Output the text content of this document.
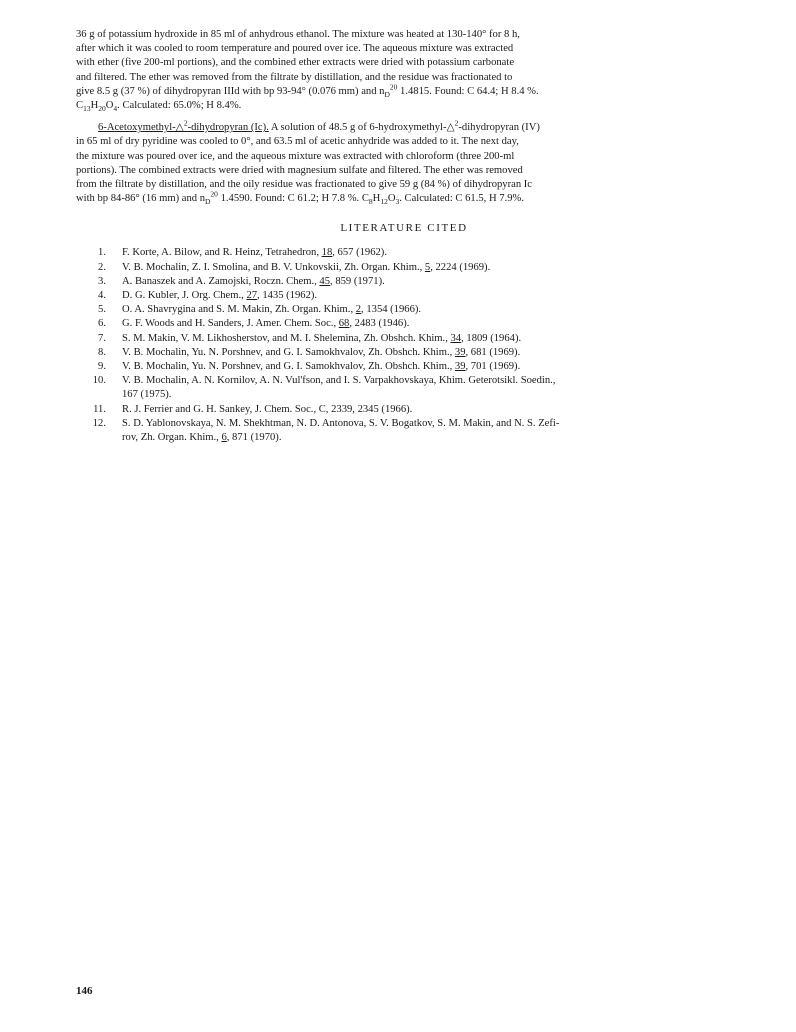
36 g of potassium hydroxide in 85 ml of anhydrous ethanol. The mixture was heated at 130-140° for 8 h,
after which it was cooled to room temperature and poured over ice. The aqueous mixture was extracted
with ether (five 200-ml portions), and the combined ether extracts were dried with potassium carbonate
and filtered. The ether was removed from the filtrate by distillation, and the residue was fractionated to
give 8.5 g (37 %) of dihydropyran IIId with bp 93-94° (0.076 mm) and $n_D^{20}$ 1.4815. Found: C 64.4; H 8.4 %.
$C_{13}H_{20}O_4$. Calculated: 65.0%; H 8.4%.

6-Acetoxymethyl-△$^2$-dihydropyran (Ic). A solution of 48.5 g of 6-hydroxymethyl-△$^2$-dihydropyran (IV)
in 65 ml of dry pyridine was cooled to 0°, and 63.5 ml of acetic anhydride was added to it. The next day,
the mixture was poured over ice, and the aqueous mixture was extracted with chloroform (three 200-ml
portions). The combined extracts were dried with magnesium sulfate and filtered. The ether was removed
from the filtrate by distillation, and the oily residue was fractionated to give 59 g (84 %) of dihydropyran Ic
with bp 84-86° (16 mm) and $n_D^{20}$ 1.4590. Found: C 61.2; H 7.8 %. $C_8H_{12}O_3$. Calculated: C 61.5, H 7.9%.

LITERATURE CITED
1.	F. Korte, A. Bilow, and R. Heinz, Tetrahedron, 18, 657 (1962).
2.	V. B. Mochalin, Z. I. Smolina, and B. V. Unkovskii, Zh. Organ. Khim., 5, 2224 (1969).
3.	A. Banaszek and A. Zamojski, Roczn. Chem., 45, 859 (1971).
4.	D. G. Kubler, J. Org. Chem., 27, 1435 (1962).
5.	O. A. Shavrygina and S. M. Makin, Zh. Organ. Khim., 2, 1354 (1966).
6.	G. F. Woods and H. Sanders, J. Amer. Chem. Soc., 68, 2483 (1946).
7.	S. M. Makin, V. M. Likhosherstov, and M. I. Shelemina, Zh. Obshch. Khim., 34, 1809 (1964).
8.	V. B. Mochalin, Yu. N. Porshnev, and G. I. Samokhvalov, Zh. Obshch. Khim., 39, 681 (1969).
9.	V. B. Mochalin, Yu. N. Porshnev, and G. I. Samokhvalov, Zh. Obshch. Khim., 39, 701 (1969).
10.	V. B. Mochalin, A. N. Kornilov, A. N. Vul'fson, and I. S. Varpakhovskaya, Khim. Geterotsikl. Soedin.,
167 (1975).
11.	R. J. Ferrier and G. H. Sankey, J. Chem. Soc., C, 2339, 2345 (1966).
12.	S. D. Yablonovskaya, N. M. Shekhtman, N. D. Antonova, S. V. Bogatkov, S. M. Makin, and N. S. Zefi-
rov, Zh. Organ. Khim., 6, 871 (1970).
146
